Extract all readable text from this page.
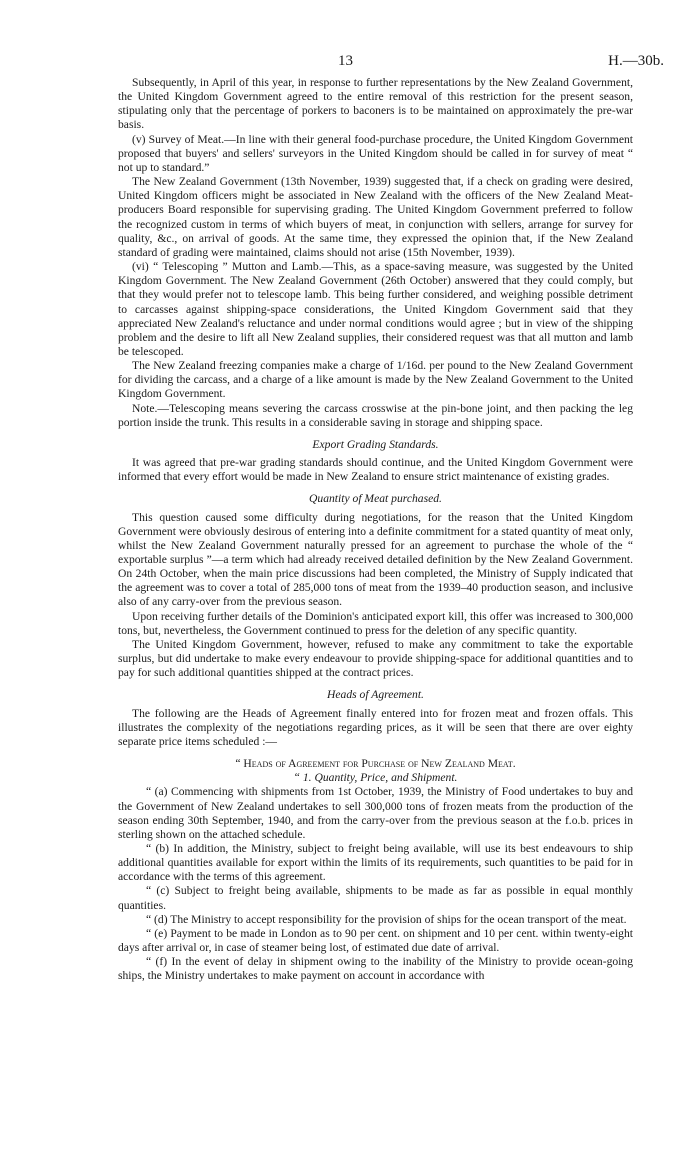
13	H.—30b.

Subsequently, in April of this year, in response to further representations by the New Zealand Government, the United Kingdom Government agreed to the entire removal of this restriction for the present season, stipulating only that the percentage of porkers to baconers is to be maintained on approximately the pre-war basis.

(v) Survey of Meat.—In line with their general food-purchase procedure, the United Kingdom Government proposed that buyers' and sellers' surveyors in the United Kingdom should be called in for survey of meat “ not up to standard.”

The New Zealand Government (13th November, 1939) suggested that, if a check on grading were desired, United Kingdom officers might be associated in New Zealand with the officers of the New Zealand Meat-producers Board responsible for supervising grading. The United Kingdom Government preferred to follow the recognized custom in terms of which buyers of meat, in conjunction with sellers, arrange for survey for quality, &c., on arrival of goods. At the same time, they expressed the opinion that, if the New Zealand standard of grading were maintained, claims should not arise (15th November, 1939).

(vi) “ Telescoping ” Mutton and Lamb.—This, as a space-saving measure, was suggested by the United Kingdom Government. The New Zealand Government (26th October) answered that they could comply, but that they would prefer not to telescope lamb. This being further considered, and weighing possible detriment to carcasses against shipping-space considerations, the United Kingdom Government said that they appreciated New Zealand's reluctance and under normal conditions would agree ; but in view of the shipping problem and the desire to lift all New Zealand supplies, their considered request was that all mutton and lamb be telescoped.

The New Zealand freezing companies make a charge of 1/16d. per pound to the New Zealand Government for dividing the carcass, and a charge of a like amount is made by the New Zealand Government to the United Kingdom Government.

Note.—Telescoping means severing the carcass crosswise at the pin-bone joint, and then packing the leg portion inside the trunk. This results in a considerable saving in storage and shipping space.

Export Grading Standards.

It was agreed that pre-war grading standards should continue, and the United Kingdom Government were informed that every effort would be made in New Zealand to ensure strict maintenance of existing grades.

Quantity of Meat purchased.

This question caused some difficulty during negotiations, for the reason that the United Kingdom Government were obviously desirous of entering into a definite commitment for a stated quantity of meat only, whilst the New Zealand Government naturally pressed for an agreement to purchase the whole of the “ exportable surplus ”—a term which had already received detailed definition by the New Zealand Government. On 24th October, when the main price discussions had been completed, the Ministry of Supply indicated that the agreement was to cover a total of 285,000 tons of meat from the 1939–40 production season, and inclusive also of any carry-over from the previous season.

Upon receiving further details of the Dominion's anticipated export kill, this offer was increased to 300,000 tons, but, nevertheless, the Government continued to press for the deletion of any specific quantity.

The United Kingdom Government, however, refused to make any commitment to take the exportable surplus, but did undertake to make every endeavour to provide shipping-space for additional quantities and to pay for such additional quantities shipped at the contract prices.

Heads of Agreement.

The following are the Heads of Agreement finally entered into for frozen meat and frozen offals. This illustrates the complexity of the negotiations regarding prices, as it will be seen that there are over eighty separate price items scheduled :—

“ Heads of Agreement for Purchase of New Zealand Meat.

“ 1. Quantity, Price, and Shipment.

“ (a) Commencing with shipments from 1st October, 1939, the Ministry of Food undertakes to buy and the Government of New Zealand undertakes to sell 300,000 tons of frozen meats from the production of the season ending 30th September, 1940, and from the carry-over from the previous season at the f.o.b. prices in sterling shown on the attached schedule.

“ (b) In addition, the Ministry, subject to freight being available, will use its best endeavours to ship additional quantities available for export within the limits of its requirements, such quantities to be paid for in accordance with the terms of this agreement.

“ (c) Subject to freight being available, shipments to be made as far as possible in equal monthly quantities.

“ (d) The Ministry to accept responsibility for the provision of ships for the ocean transport of the meat.

“ (e) Payment to be made in London as to 90 per cent. on shipment and 10 per cent. within twenty-eight days after arrival or, in case of steamer being lost, of estimated due date of arrival.

“ (f) In the event of delay in shipment owing to the inability of the Ministry to provide ocean-going ships, the Ministry undertakes to make payment on account in accordance with
